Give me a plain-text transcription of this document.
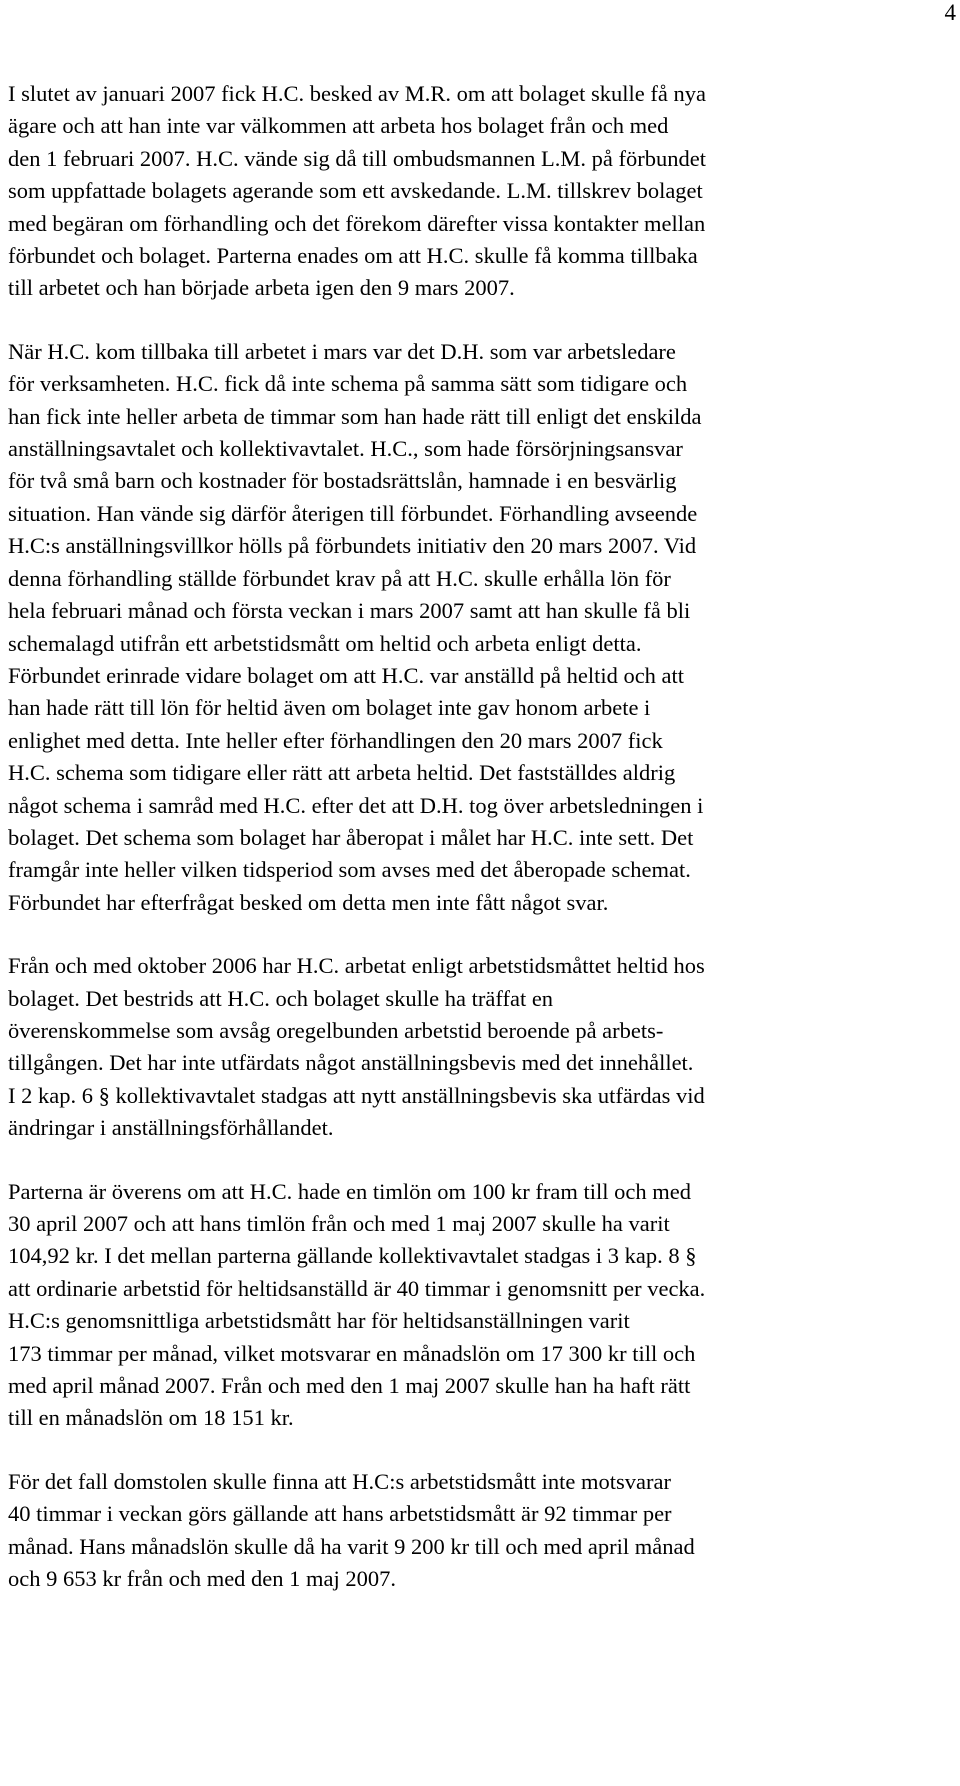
4

I slutet av januari 2007 fick H.C. besked av M.R. om att bolaget skulle få nya
ägare och att han inte var välkommen att arbeta hos bolaget från och med
den 1 februari 2007. H.C. vände sig då till ombudsmannen L.M. på förbundet
som uppfattade bolagets agerande som ett avskedande. L.M. tillskrev bolaget
med begäran om förhandling och det förekom därefter vissa kontakter mellan
förbundet och bolaget. Parterna enades om att H.C. skulle få komma tillbaka
till arbetet och han började arbeta igen den 9 mars 2007.

När H.C. kom tillbaka till arbetet i mars var det D.H. som var arbetsledare
för verksamheten. H.C. fick då inte schema på samma sätt som tidigare och
han fick inte heller arbeta de timmar som han hade rätt till enligt det enskilda
anställningsavtalet och kollektivavtalet. H.C., som hade försörjningsansvar
för två små barn och kostnader för bostadsrättslån, hamnade i en besvärlig
situation. Han vände sig därför återigen till förbundet. Förhandling avseende
H.C:s anställningsvillkor hölls på förbundets initiativ den 20 mars 2007. Vid
denna förhandling ställde förbundet krav på att H.C. skulle erhålla lön för
hela februari månad och första veckan i mars 2007 samt att han skulle få bli
schemalagd utifrån ett arbetstidsmått om heltid och arbeta enligt detta.
Förbundet erinrade vidare bolaget om att H.C. var anställd på heltid och att
han hade rätt till lön för heltid även om bolaget inte gav honom arbete i
enlighet med detta. Inte heller efter förhandlingen den 20 mars 2007 fick
H.C. schema som tidigare eller rätt att arbeta heltid. Det fastställdes aldrig
något schema i samråd med H.C. efter det att D.H. tog över arbetsledningen i
bolaget. Det schema som bolaget har åberopat i målet har H.C. inte sett. Det
framgår inte heller vilken tidsperiod som avses med det åberopade schemat.
Förbundet har efterfrågat besked om detta men inte fått något svar.

Från och med oktober 2006 har H.C. arbetat enligt arbetstidsmåttet heltid hos
bolaget. Det bestrids att H.C. och bolaget skulle ha träffat en
överenskommelse som avsåg oregelbunden arbetstid beroende på arbets-
tillgången. Det har inte utfärdats något anställningsbevis med det innehållet.
I 2 kap. 6 § kollektivavtalet stadgas att nytt anställningsbevis ska utfärdas vid
ändringar i anställningsförhållandet.

Parterna är överens om att H.C. hade en timlön om 100 kr fram till och med
30 april 2007 och att hans timlön från och med 1 maj 2007 skulle ha varit
104,92 kr. I det mellan parterna gällande kollektivavtalet stadgas i 3 kap. 8 §
att ordinarie arbetstid för heltidsanställd är 40 timmar i genomsnitt per vecka.
H.C:s genomsnittliga arbetstidsmått har för heltidsanställningen varit
173 timmar per månad, vilket motsvarar en månadslön om 17 300 kr till och
med april månad 2007. Från och med den 1 maj 2007 skulle han ha haft rätt
till en månadslön om 18 151 kr.

För det fall domstolen skulle finna att H.C:s arbetstidsmått inte motsvarar
40 timmar i veckan görs gällande att hans arbetstidsmått är 92 timmar per
månad. Hans månadslön skulle då ha varit 9 200 kr till och med april månad
och 9 653 kr från och med den 1 maj 2007.
